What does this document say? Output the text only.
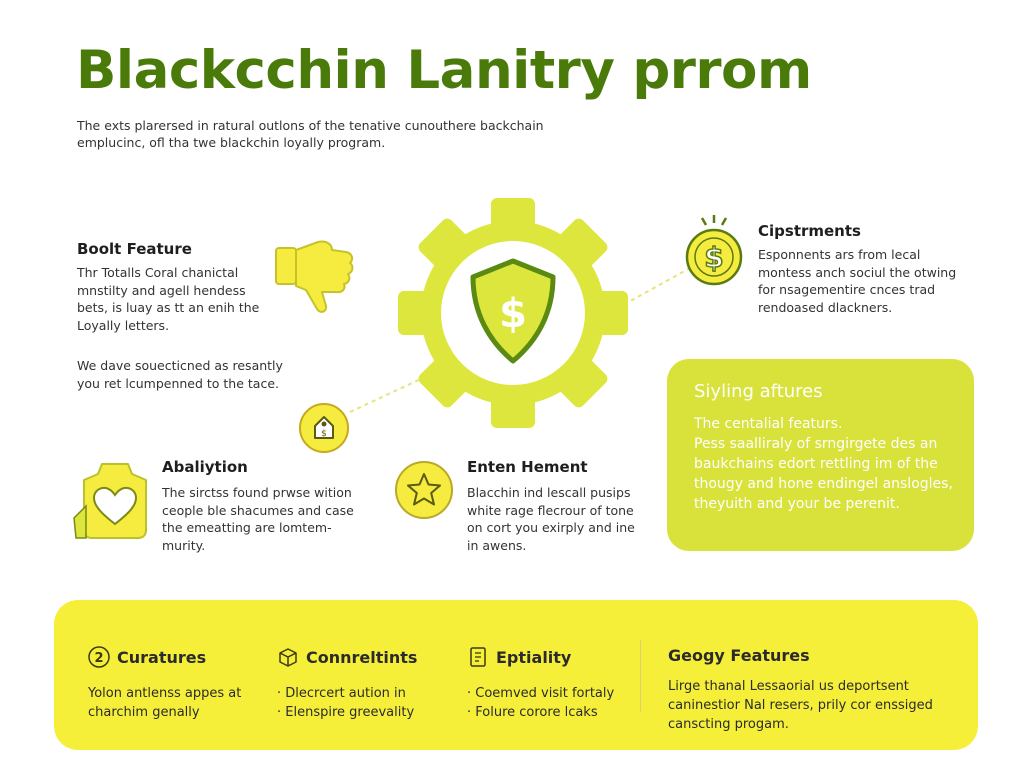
Blackcchin Lanitry prrom
The exts plarersed in ratural outlons of the tenative cunouthere backchain
emplucinc, ofl tha twe blackchin loyally program.
$
Boolt Feature
Thr Totalls Coral chanictal
mnstilty and agell hendess
bets, is luay as tt an enih the
Loyally letters.
We dave souecticned as resantly
you ret lcumpenned to the tace.
$
$
Cipstrments
Esponnents ars from lecal
montess anch sociul the otwing
for nsagementire cnces trad
rendoased dlackners.
Abaliytion
The sirctss found prwse wition
ceople ble shacumes and case
the emeatting are lomtem-
murity.
Enten Hement
Blacchin ind lescall pusips
white rage flecrour of tone
on cort you exirply and ine
in awens.
Siyling aftures
The centalial featurs.
Pess saalliraly of srngirgete des an
baukchains edort rettling im of the
thougy and hone endingel anslogles,
theyuith and your be perenit.
2 Curatures
Yolon antlenss appes at
charchim genally
Connreltints
· Dlecrcert aution in
· Elenspire greevality
Eptiality
· Coemved visit fortaly
· Folure corore lcaks
Geogy Features
Lirge thanal Lessaorial us deportsent
caninestior Nal resers, prily cor enssiged
canscting progam.
